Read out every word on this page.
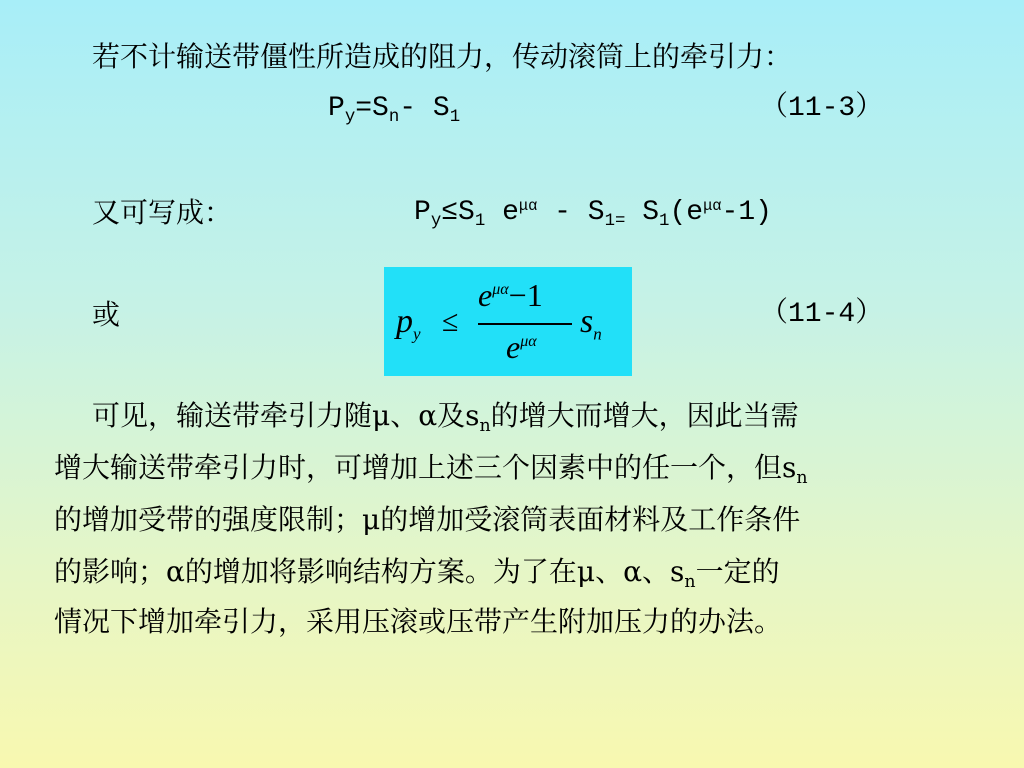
若不计输送带僵性所造成的阻力，传动滚筒上的牵引力：
$P_y=S_n-$ $S_1$	（11-3）
又可写成：	$P_y\le S_1$ $e^{\mu\alpha} - S_{1=}$ $S_1(e^{\mu\alpha}-1)$
或	$p_y$ ≤
$e^{\mu\alpha}-1$
$e^{\mu\alpha}$
$s_n$
（11-4）
可见，输送带牵引力随μ、α及$s_n$的增大而增大，因此当需
增大输送带牵引力时，可增加上述三个因素中的任一个，但$s_n$
的增加受带的强度限制；μ的增加受滚筒表面材料及工作条件
的影响；α的增加将影响结构方案。为了在μ、α、$s_n$一定的
情况下增加牵引力，采用压滚或压带产生附加压力的办法。
